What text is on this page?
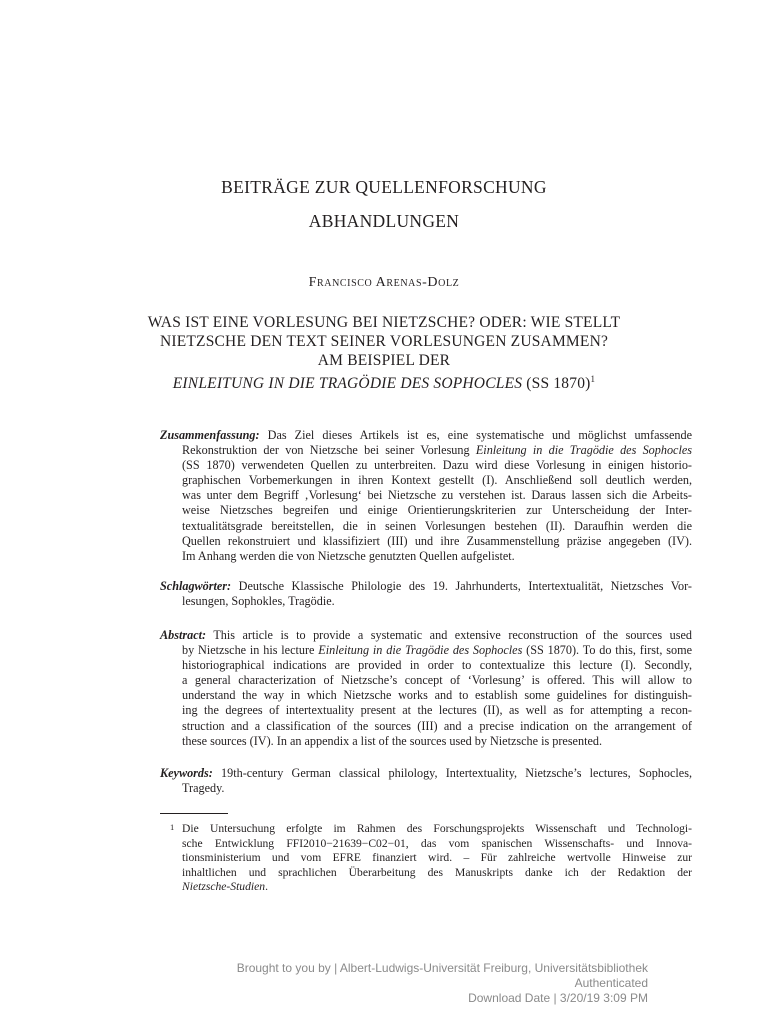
BEITRÄGE ZUR QUELLENFORSCHUNG
ABHANDLUNGEN
Francisco Arenas-Dolz
WAS IST EINE VORLESUNG BEI NIETZSCHE? ODER: WIE STELLT
NIETZSCHE DEN TEXT SEINER VORLESUNGEN ZUSAMMEN?
AM BEISPIEL DER
EINLEITUNG IN DIE TRAGÖDIE DES SOPHOCLES (SS 1870)$^1$
Zusammenfassung: Das Ziel dieses Artikels ist es, eine systematische und möglichst umfassende
Rekonstruktion der von Nietzsche bei seiner Vorlesung Einleitung in die Tragödie des Sophocles
(SS 1870) verwendeten Quellen zu unterbreiten. Dazu wird diese Vorlesung in einigen historio-
graphischen Vorbemerkungen in ihren Kontext gestellt (I). Anschließend soll deutlich werden,
was unter dem Begriff ‚Vorlesung‘ bei Nietzsche zu verstehen ist. Daraus lassen sich die Arbeits-
weise Nietzsches begreifen und einige Orientierungskriterien zur Unterscheidung der Inter-
textualitätsgrade bereitstellen, die in seinen Vorlesungen bestehen (II). Daraufhin werden die
Quellen rekonstruiert und klassifiziert (III) und ihre Zusammenstellung präzise angegeben (IV).
Im Anhang werden die von Nietzsche genutzten Quellen aufgelistet.
Schlagwörter: Deutsche Klassische Philologie des 19. Jahrhunderts, Intertextualität, Nietzsches Vor-
lesungen, Sophokles, Tragödie.
Abstract: This article is to provide a systematic and extensive reconstruction of the sources used
by Nietzsche in his lecture Einleitung in die Tragödie des Sophocles (SS 1870). To do this, first, some
historiographical indications are provided in order to contextualize this lecture (I). Secondly,
a general characterization of Nietzsche’s concept of ‘Vorlesung’ is offered. This will allow to
understand the way in which Nietzsche works and to establish some guidelines for distinguish-
ing the degrees of intertextuality present at the lectures (II), as well as for attempting a recon-
struction and a classification of the sources (III) and a precise indication on the arrangement of
these sources (IV). In an appendix a list of the sources used by Nietzsche is presented.
Keywords: 19th-century German classical philology, Intertextuality, Nietzsche’s lectures, Sophocles,
Tragedy.
1 Die Untersuchung erfolgte im Rahmen des Forschungsprojekts Wissenschaft und Technologi-
sche Entwicklung FFI2010−21639−C02−01, das vom spanischen Wissenschafts- und Innova-
tionsministerium und vom EFRE finanziert wird. – Für zahlreiche wertvolle Hinweise zur
inhaltlichen und sprachlichen Überarbeitung des Manuskripts danke ich der Redaktion der
Nietzsche-Studien.
Brought to you by | Albert-Ludwigs-Universität Freiburg, Universitätsbibliothek
Authenticated
Download Date | 3/20/19 3:09 PM
